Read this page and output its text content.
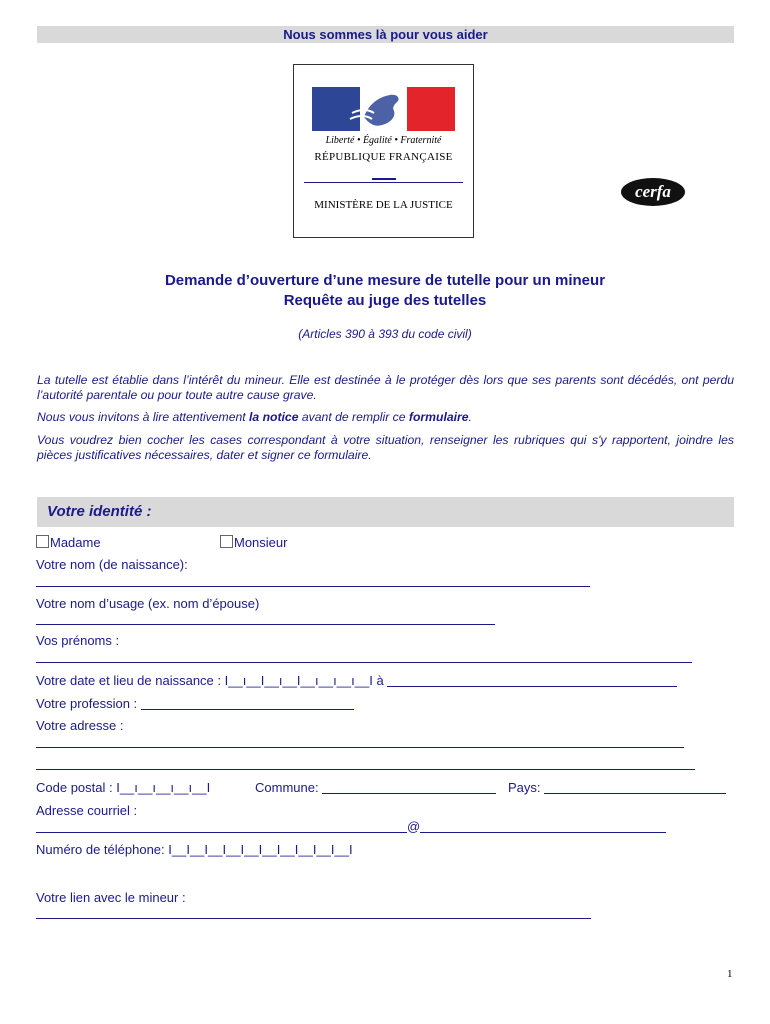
Nous sommes là pour vous aider
Liberté • Égalité • Fraternité
RÉPUBLIQUE FRANÇAISE
MINISTÈRE DE LA JUSTICE
cerfa
Demande d’ouverture d’une mesure de tutelle pour un mineur
Requête au juge des tutelles
(Articles 390 à 393 du code civil)
La tutelle est établie dans l’intérêt du mineur. Elle est destinée à le protéger dès lors que ses parents sont décédés, ont perdu l’autorité parentale ou pour toute autre cause grave.
Nous vous invitons à lire attentivement la notice avant de remplir ce formulaire.
Vous voudrez bien cocher les cases correspondant à votre situation, renseigner les rubriques qui s'y rapportent, joindre les pièces justificatives nécessaires, dater et signer ce formulaire.
Votre identité :
Madame	Monsieur
Votre nom (de naissance):
Votre nom d’usage (ex. nom d’épouse)
Vos prénoms :
Votre date et lieu de naissance : I__ı__I__ı__I__ı__ı__ı__I à
Votre profession :
Votre adresse :
Code postal : I__ı__ı__ı__ı__I	Commune:	Pays:
Adresse courriel :
@
Numéro de téléphone: I__I__I__I__I__I__I__I__I__I__I
Votre lien avec le mineur :
1
